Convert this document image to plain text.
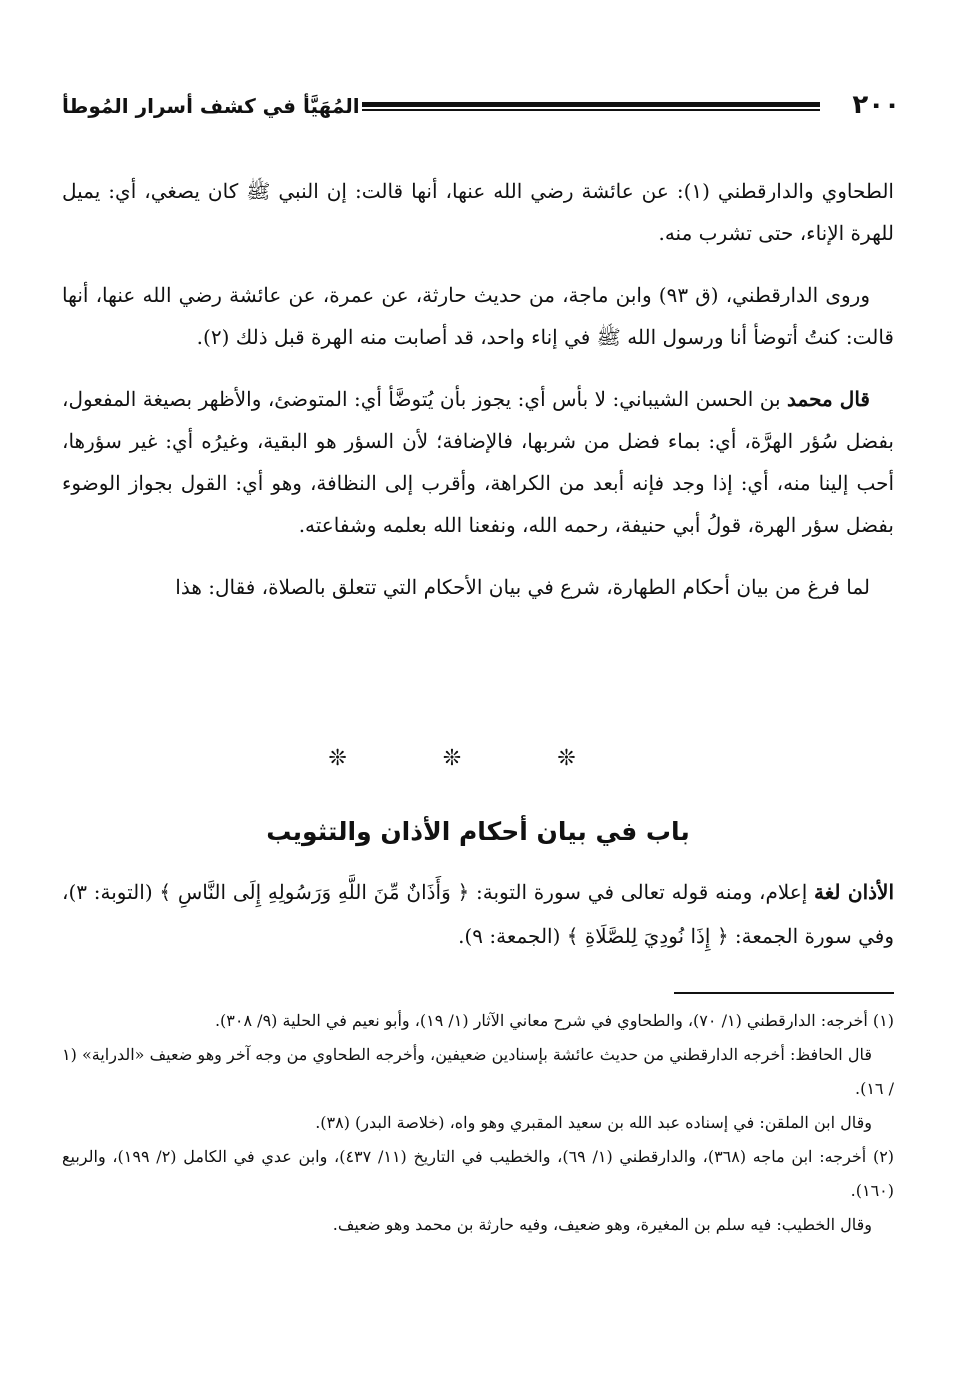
٢٠٠
المُهَيَّأ في كشف أسرار المُوطأ

الطحاوي والدارقطني (١): عن عائشة رضي الله عنها، أنها قالت: إن النبي ﷺ كان يصغي، أي: يميل للهرة الإناء، حتى تشرب منه.

وروى الدارقطني، (ق ٩٣) وابن ماجة، من حديث حارثة، عن عمرة، عن عائشة رضي الله عنها، أنها قالت: كنتُ أتوضأ أنا ورسول الله ﷺ في إناء واحد، قد أصابت منه الهرة قبل ذلك (٢).

قال محمد بن الحسن الشيباني: لا بأس أي: يجوز بأن يُتوضَّأ أي: المتوضئ، والأظهر بصيغة المفعول، بفضل سُؤر الهرَّة، أي: بماء فضل من شربها، فالإضافة؛ لأن السؤر هو البقية، وغيرُه أي: غير سؤرها، أحب إلينا منه، أي: إذا وجد فإنه أبعد من الكراهة، وأقرب إلى النظافة، وهو أي: القول بجواز الوضوء بفضل سؤر الهرة، قولُ أبي حنيفة، رحمه الله، ونفعنا الله بعلمه وشفاعته.

لما فرغ من بيان أحكام الطهارة، شرع في بيان الأحكام التي تتعلق بالصلاة، فقال: هذا

❊ ❊ ❊
باب في بيان أحكام الأذان والتثويب

الأذان لغة إعلام، ومنه قوله تعالى في سورة التوبة: ﴿ وَأَذَانٌ مِّنَ اللَّهِ وَرَسُولِهِ إِلَى النَّاسِ ﴾ (التوبة: ٣)، وفي سورة الجمعة: ﴿ إِذَا نُودِيَ لِلصَّلَاةِ ﴾ (الجمعة: ٩).

(١) أخرجه: الدارقطني (١/ ٧٠)، والطحاوي في شرح معاني الآثار (١/ ١٩)، وأبو نعيم في الحلية (٩/ ٣٠٨).

قال الحافظ: أخرجه الدارقطني من حديث عائشة بإسنادين ضعيفين، وأخرجه الطحاوي من وجه آخر وهو ضعيف «الدراية» (١ / ١٦).

وقال ابن الملقن: في إسناده عبد الله بن سعيد المقبري وهو واه، (خلاصة البدر) (٣٨).

(٢) أخرجه: ابن ماجه (٣٦٨)، والدارقطني (١/ ٦٩)، والخطيب في التاريخ (١١/ ٤٣٧)، وابن عدي في الكامل (٢/ ١٩٩)، والربيع (١٦٠).

وقال الخطيب: فيه سلم بن المغيرة، وهو ضعيف، وفيه حارثة بن محمد وهو ضعيف.
